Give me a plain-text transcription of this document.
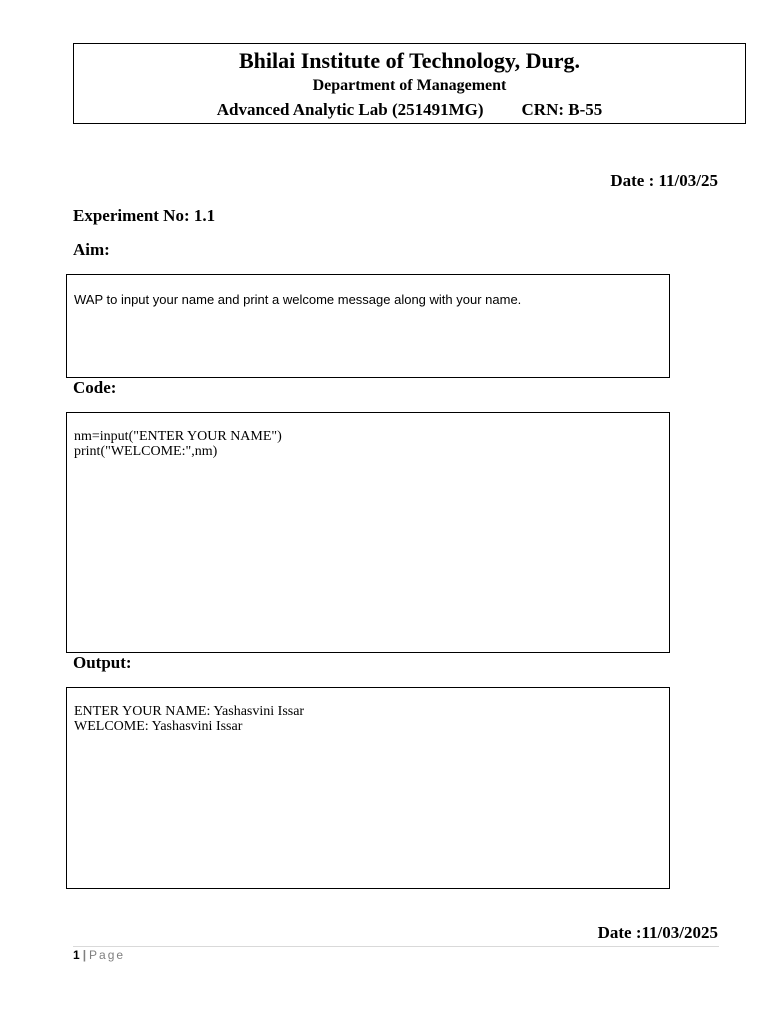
Bhilai Institute of Technology, Durg.
Department of Management
Advanced Analytic Lab (251491MG) CRN: B-55
Date : 11/03/25
Experiment No: 1.1
Aim:
WAP to input your name and print a welcome message along with your name.
Code:
nm=input("ENTER YOUR NAME")
print("WELCOME:",nm)
Output:
ENTER YOUR NAME: Yashasvini Issar
WELCOME: Yashasvini Issar
Date :11/03/2025
1 | Page
